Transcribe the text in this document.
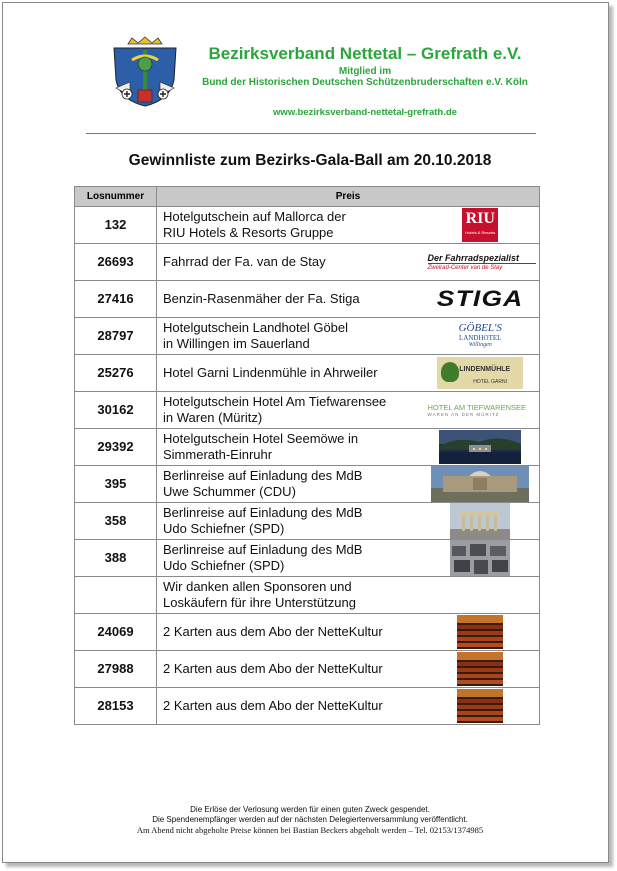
Bezirksverband Nettetal – Grefrath e.V.
Mitglied im
Bund der Historischen Deutschen Schützenbruderschaften e.V. Köln
www.bezirksverband-nettetal-grefrath.de
Gewinnliste zum Bezirks-Gala-Ball am 20.10.2018
Losnummer	Preis	
132	Hotelgutschein auf Mallorca der
RIU Hotels & Resorts Gruppe	RIU
Hotels & Resorts

26693	Fahrrad der Fa. van de Stay	Der Fahrradspezialist
Zweirad-Center van de Stay

27416	Benzin-Rasenmäher der Fa. Stiga	STIGA
28797	Hotelgutschein Landhotel Göbel
in Willingen im Sauerland	GÖBEL'S
LANDHOTEL
Willingen

25276	Hotel Garni Lindenmühle in Ahrweiler	LINDENMÜHLE
HOTEL GARNI

30162	Hotelgutschein Hotel Am Tiefwarensee
in Waren (Müritz)	HOTEL AM TIEFWARENSEE
WAREN AN DER MÜRITZ

29392	Hotelgutschein Hotel Seemöwe in
Simmerath-Einruhr	
395	Berlinreise auf Einladung des MdB
Uwe Schummer (CDU)	
358	Berlinreise auf Einladung des MdB
Udo Schiefner (SPD)	
388	Berlinreise auf Einladung des MdB
Udo Schiefner (SPD)	
	Wir danken allen Sponsoren und
Loskäufern für ihre Unterstützung	
24069	2 Karten aus dem Abo der NetteKultur	
27988	2 Karten aus dem Abo der NetteKultur	
28153	2 Karten aus dem Abo der NetteKultur	
Die Erlöse der Verlosung werden für einen guten Zweck gespendet.
Die Spendenempfänger werden auf der nächsten Delegiertenversammlung veröffentlicht.
Am Abend nicht abgeholte Preise können bei Bastian Beckers abgeholt werden – Tel. 02153/1374985
